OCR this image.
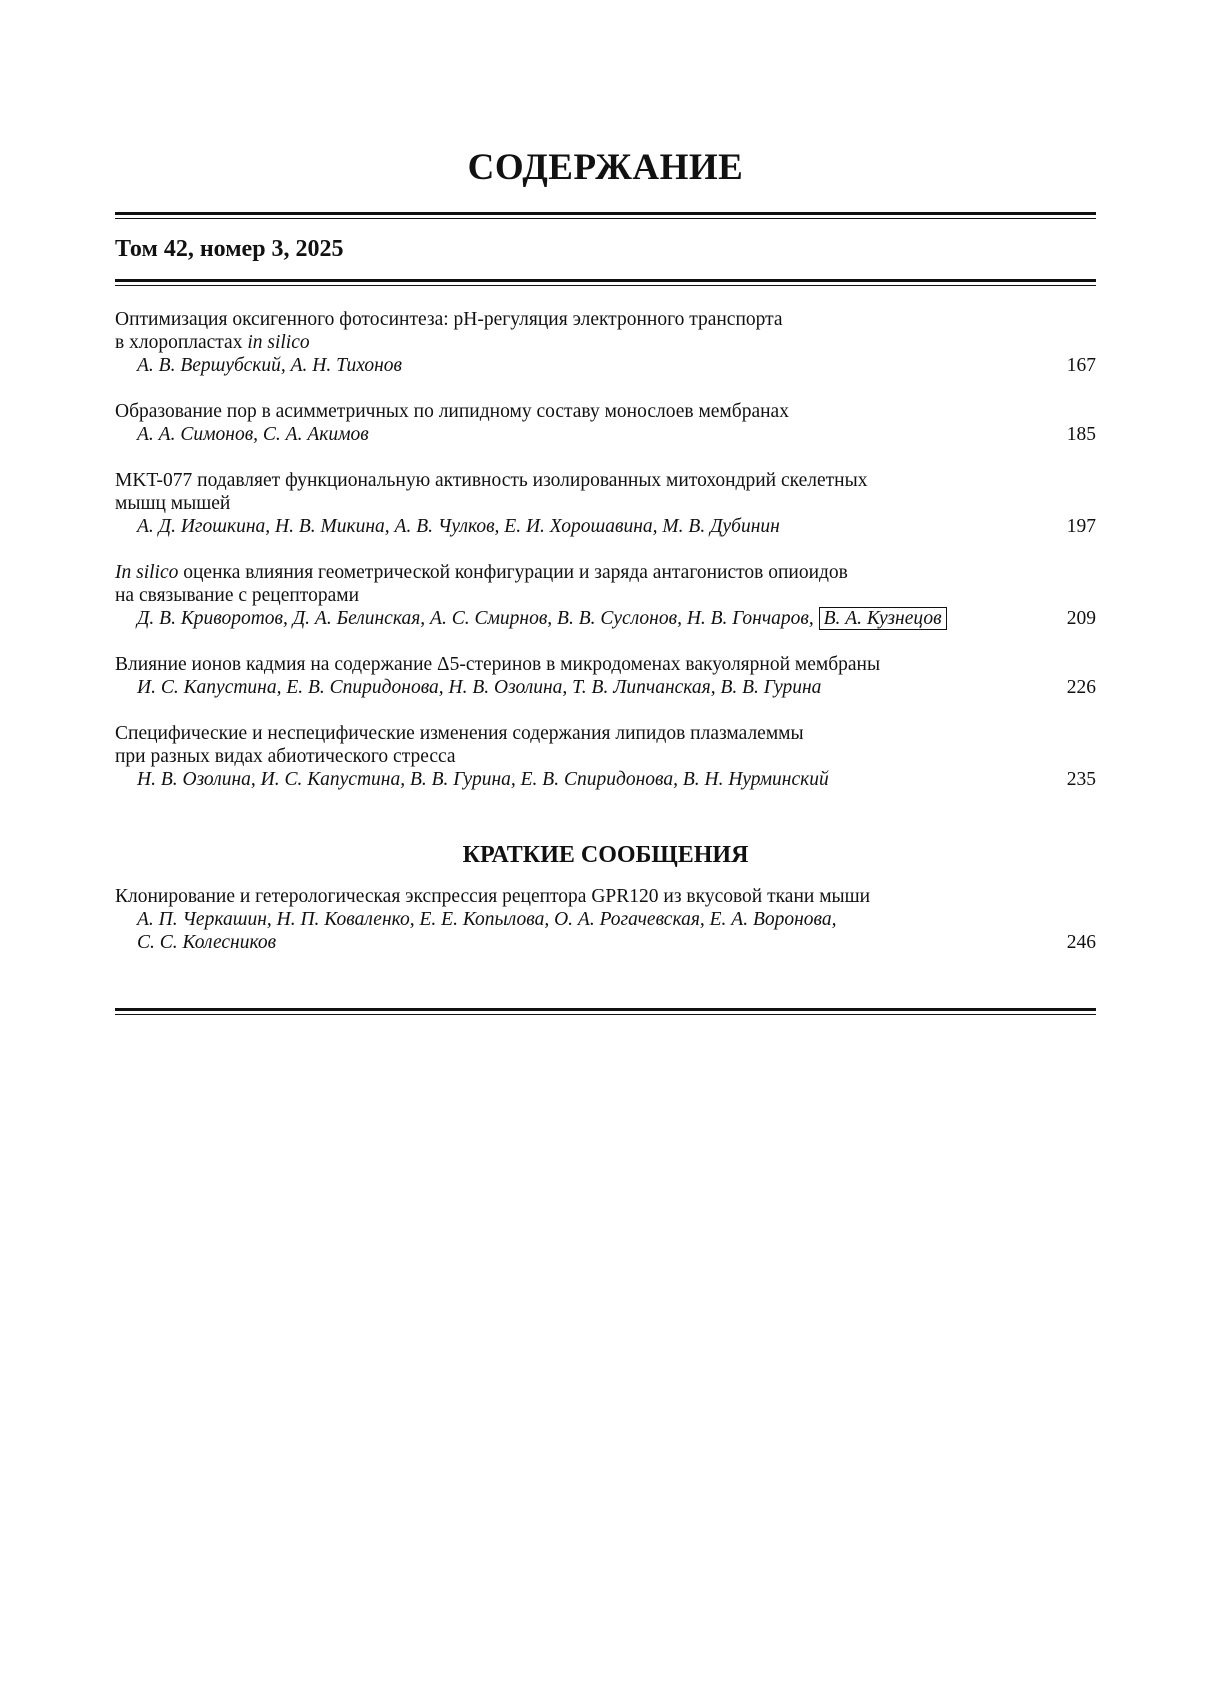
СОДЕРЖАНИЕ
Том 42, номер 3, 2025
Оптимизация оксигенного фотосинтеза: рН-регуляция электронного транспорта
в хлоропластах in silico
А. В. Вершубский, А. Н. Тихонов	167
Образование пор в асимметричных по липидному составу монослоев мембранах
А. А. Симонов, С. А. Акимов	185
MKT-077 подавляет функциональную активность изолированных митохондрий скелетных
мышц мышей
А. Д. Игошкина, Н. В. Микина, А. В. Чулков, Е. И. Хорошавина, М. В. Дубинин	197
In silico оценка влияния геометрической конфигурации и заряда антагонистов опиоидов
на связывание с рецепторами
Д. В. Криворотов, Д. А. Белинская, А. С. Смирнов, В. В. Суслонов, Н. В. Гончаров, В. А. Кузнецов	209
Влияние ионов кадмия на содержание Δ5-стеринов в микродоменах вакуолярной мембраны
И. С. Капустина, Е. В. Спиридонова, Н. В. Озолина, Т. В. Липчанская, В. В. Гурина	226
Специфические и неспецифические изменения содержания липидов плазмалеммы
при разных видах абиотического стресса
Н. В. Озолина, И. С. Капустина, В. В. Гурина, Е. В. Спиридонова, В. Н. Нурминский	235
КРАТКИЕ СООБЩЕНИЯ
Клонирование и гетерологическая экспрессия рецептора GPR120 из вкусовой ткани мыши
А. П. Черкашин, Н. П. Коваленко, Е. Е. Копылова, О. А. Рогачевская, Е. А. Воронова,
С. С. Колесников	246
